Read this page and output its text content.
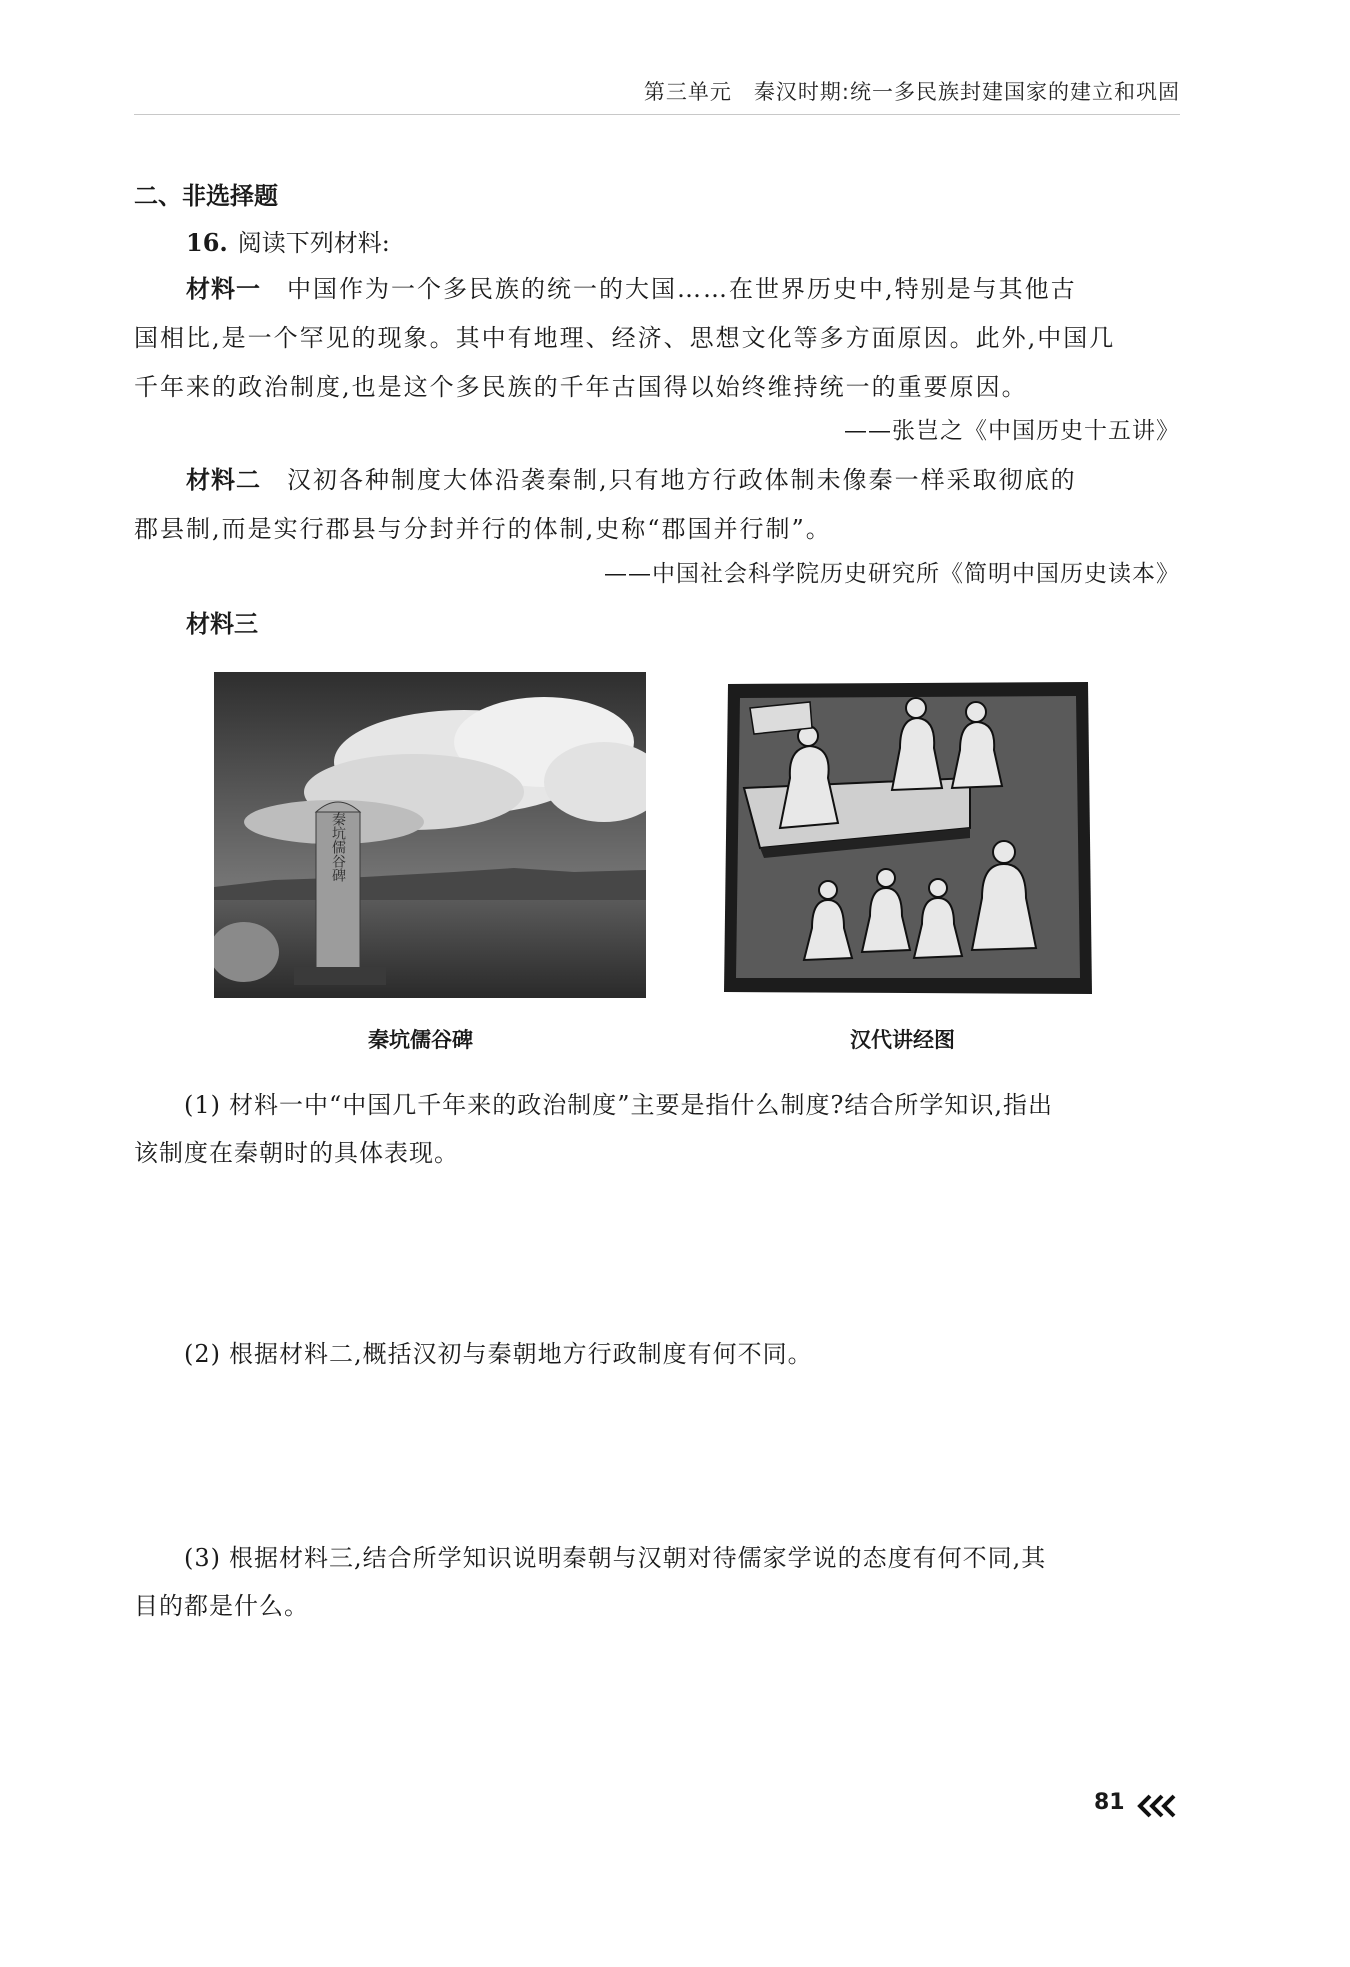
第三单元 秦汉时期:统一多民族封建国家的建立和巩固
二、非选择题
16. 阅读下列材料:
材料一 中国作为一个多民族的统一的大国……在世界历史中,特别是与其他古
国相比,是一个罕见的现象。其中有地理、经济、思想文化等多方面原因。此外,中国几
千年来的政治制度,也是这个多民族的千年古国得以始终维持统一的重要原因。
——张岂之《中国历史十五讲》
材料二 汉初各种制度大体沿袭秦制,只有地方行政体制未像秦一样采取彻底的
郡县制,而是实行郡县与分封并行的体制,史称“郡国并行制”。
——中国社会科学院历史研究所《简明中国历史读本》
材料三
秦坑儒谷碑
秦坑儒谷碑	汉代讲经图
(1) 材料一中“中国几千年来的政治制度”主要是指什么制度?结合所学知识,指出
该制度在秦朝时的具体表现。
(2) 根据材料二,概括汉初与秦朝地方行政制度有何不同。
(3) 根据材料三,结合所学知识说明秦朝与汉朝对待儒家学说的态度有何不同,其
目的都是什么。
81
